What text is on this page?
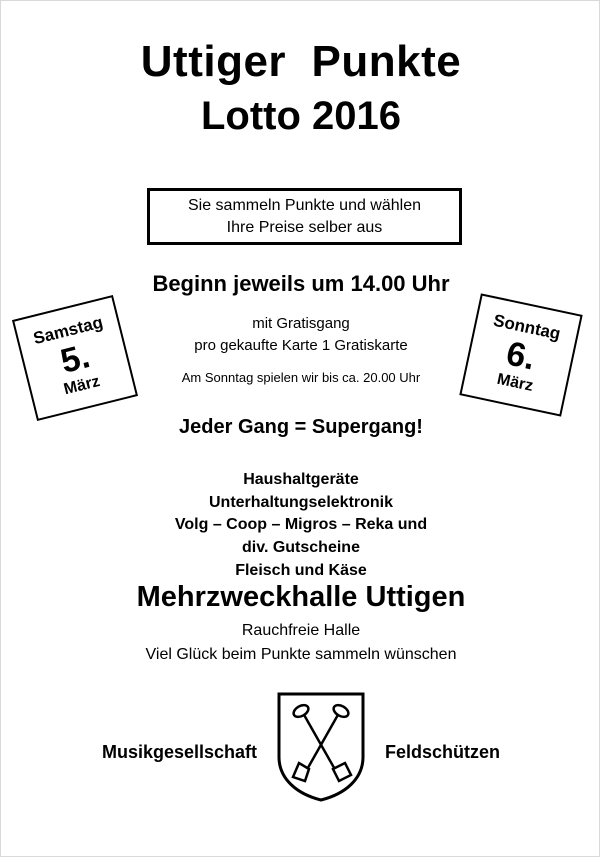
Uttiger  Punkte
Lotto 2016
Sie sammeln Punkte und wählen
Ihre Preise selber aus
Beginn jeweils um 14.00 Uhr
mit Gratisgang
pro gekaufte Karte 1 Gratiskarte
Am Sonntag spielen wir bis ca. 20.00 Uhr
Jeder Gang = Supergang!
Samstag
5.
März
Sonntag
6.
März
Haushaltgeräte
Unterhaltungselektronik
Volg – Coop – Migros – Reka und
div. Gutscheine
Fleisch und Käse
Mehrzweckhalle Uttigen
Rauchfreie Halle
Viel Glück beim Punkte sammeln wünschen
Musikgesellschaft	Feldschützen
